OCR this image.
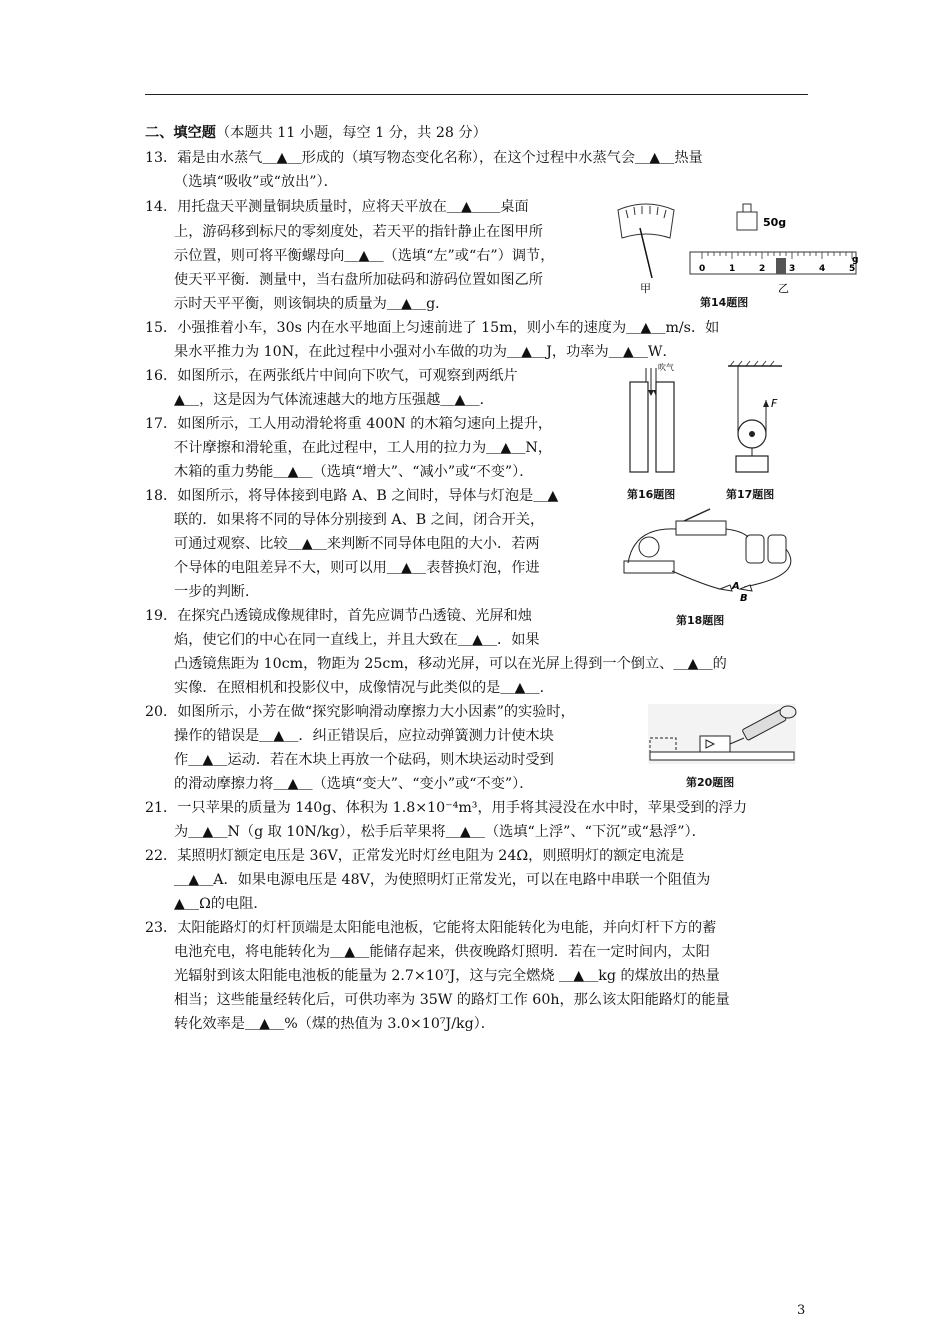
二、填空题（本题共 11 小题，每空 1 分，共 28 分）
13．霜是由水蒸气＿▲＿形成的（填写物态变化名称），在这个过程中水蒸气会＿▲＿热量
（选填“吸收”或“放出”）．
14．用托盘天平测量铜块质量时，应将天平放在＿▲＿＿桌面
上，游码移到标尺的零刻度处，若天平的指针静止在图甲所
示位置，则可将平衡螺母向＿▲＿（选填“左”或“右”）调节，
使天平平衡．测量中，当右盘所加砝码和游码位置如图乙所
示时天平平衡，则该铜块的质量为＿▲＿g．
15．小强推着小车，30s 内在水平地面上匀速前进了 15m，则小车的速度为＿▲＿m/s．如
果水平推力为 10N，在此过程中小强对小车做的功为＿▲＿J，功率为＿▲＿W．
16．如图所示，在两张纸片中间向下吹气，可观察到两纸片
▲＿，这是因为气体流速越大的地方压强越＿▲＿．
17．如图所示，工人用动滑轮将重 400N 的木箱匀速向上提升，
不计摩擦和滑轮重，在此过程中，工人用的拉力为＿▲＿N，
木箱的重力势能＿▲＿（选填“增大”、“减小”或“不变”）．
18．如图所示，将导体接到电路 A、B 之间时，导体与灯泡是＿▲
联的．如果将不同的导体分别接到 A、B 之间，闭合开关，
可通过观察、比较＿▲＿来判断不同导体电阻的大小．若两
个导体的电阻差异不大，则可以用＿▲＿表替换灯泡，作进
一步的判断．
19．在探究凸透镜成像规律时，首先应调节凸透镜、光屏和烛
焰，使它们的中心在同一直线上，并且大致在＿▲＿．如果
凸透镜焦距为 10cm，物距为 25cm，移动光屏，可以在光屏上得到一个倒立、＿▲＿的
实像．在照相机和投影仪中，成像情况与此类似的是＿▲＿．
20．如图所示，小芳在做“探究影响滑动摩擦力大小因素”的实验时，
操作的错误是＿▲＿．纠正错误后，应拉动弹簧测力计使木块
作＿▲＿运动．若在木块上再放一个砝码，则木块运动时受到
的滑动摩擦力将＿▲＿（选填“变大”、“变小”或“不变”）．
21．一只苹果的质量为 140g、体积为 1.8×10⁻⁴m³，用手将其浸没在水中时，苹果受到的浮力
为＿▲＿N（g 取 10N/kg），松手后苹果将＿▲＿（选填“上浮”、“下沉”或“悬浮”）．
22．某照明灯额定电压是 36V，正常发光时灯丝电阻为 24Ω，则照明灯的额定电流是
＿▲＿A．如果电源电压是 48V，为使照明灯正常发光，可以在电路中串联一个阻值为
▲＿Ω的电阻．
23．太阳能路灯的灯杆顶端是太阳能电池板，它能将太阳能转化为电能，并向灯杆下方的蓄
电池充电，将电能转化为＿▲＿能储存起来，供夜晚路灯照明．若在一定时间内，太阳
光辐射到该太阳能电池板的能量为 2.7×10⁷J，这与完全燃烧 ＿▲＿kg 的煤放出的热量
相当；这些能量经转化后，可供功率为 35W 的路灯工作 60h，那么该太阳能路灯的能量
转化效率是＿▲＿%（煤的热值为 3.0×10⁷J/kg）．
0	1	2	3	4	5
g
50g
甲	乙
第14题图
吹气
第16题图
F
第17题图
A
B
第18题图
第20题图
3
